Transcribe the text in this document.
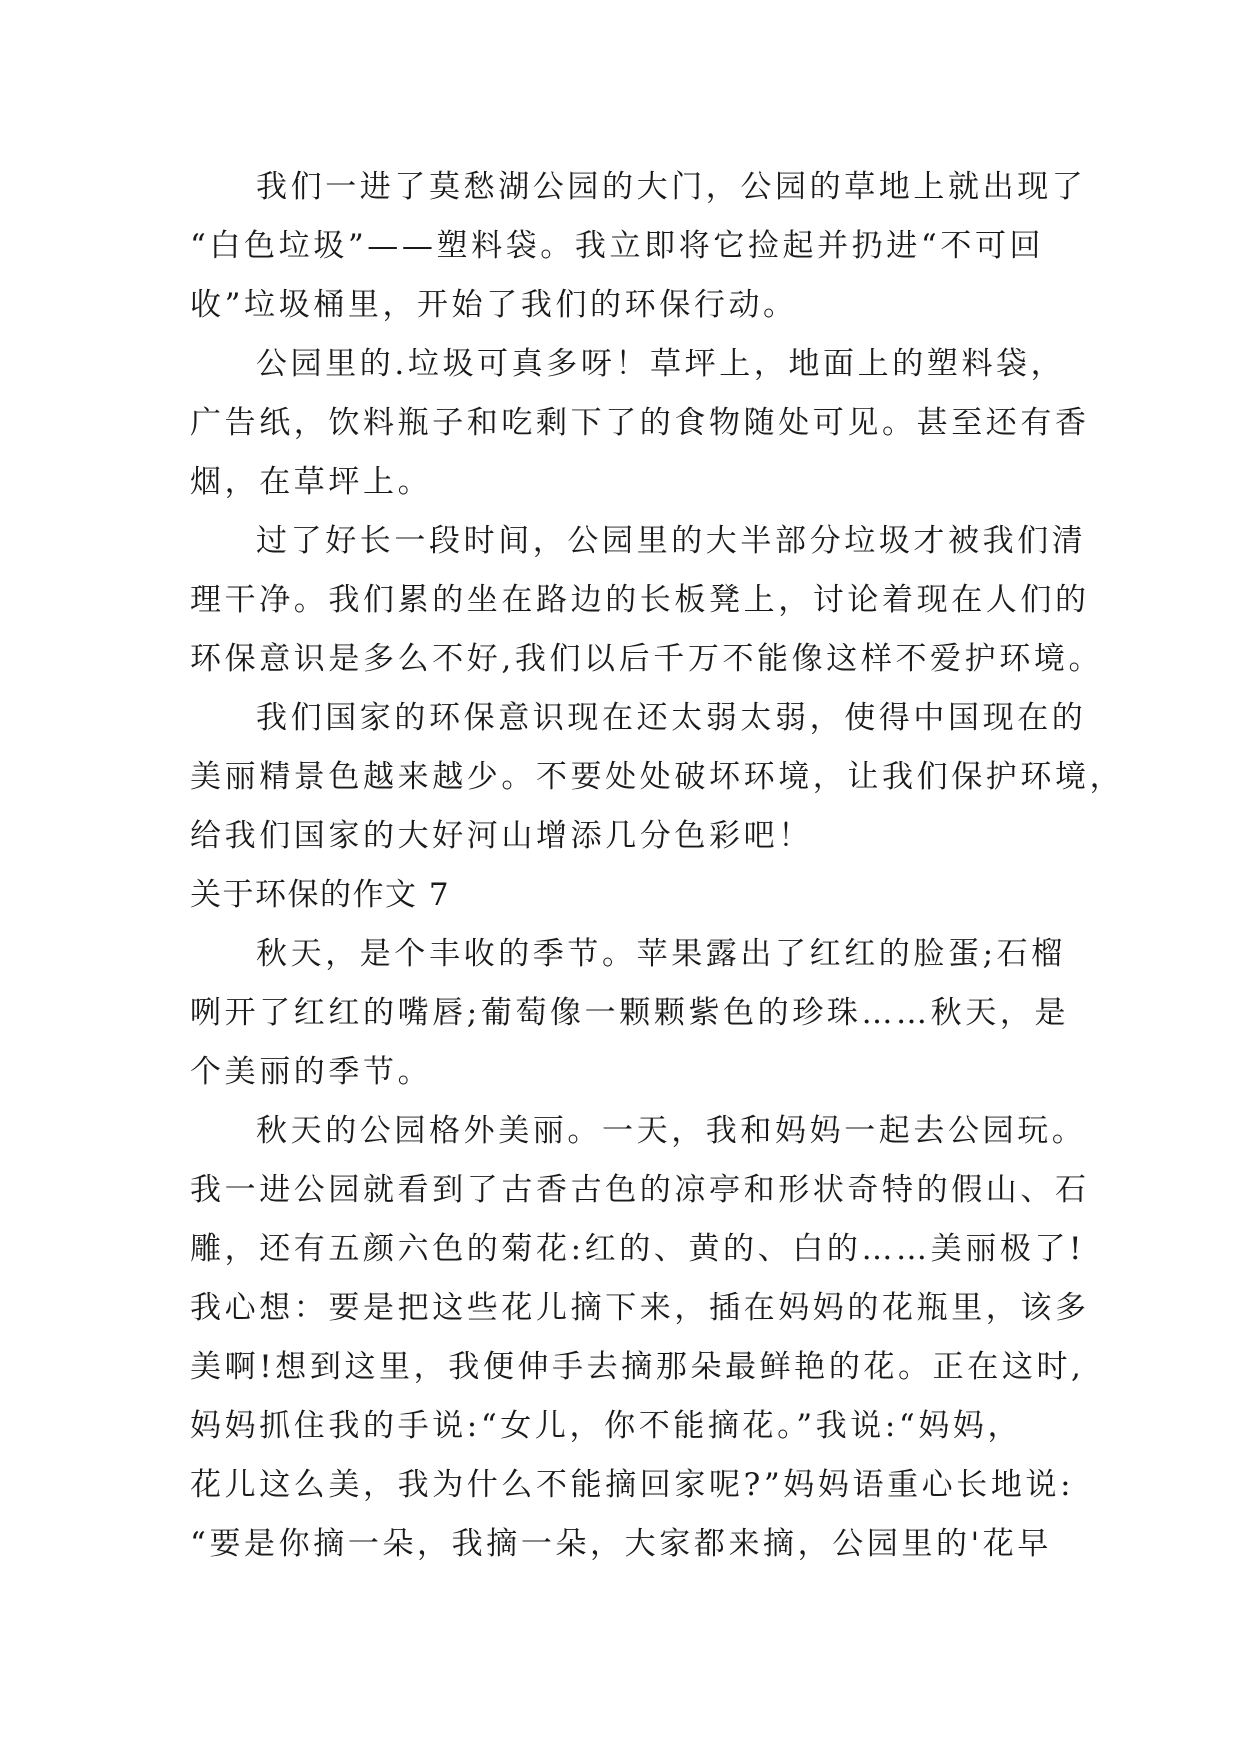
我们一进了莫愁湖公园的大门，公园的草地上就出现了
“白色垃圾”——塑料袋。我立即将它捡起并扔进“不可回
收”垃圾桶里，开始了我们的环保行动。
公园里的.垃圾可真多呀！草坪上，地面上的塑料袋，
广告纸，饮料瓶子和吃剩下了的食物随处可见。甚至还有香
烟，在草坪上。
过了好长一段时间，公园里的大半部分垃圾才被我们清
理干净。我们累的坐在路边的长板凳上，讨论着现在人们的
环保意识是多么不好,我们以后千万不能像这样不爱护环境。
我们国家的环保意识现在还太弱太弱，使得中国现在的
美丽精景色越来越少。不要处处破坏环境，让我们保护环境，
给我们国家的大好河山增添几分色彩吧！
关于环保的作文 7
秋天，是个丰收的季节。苹果露出了红红的脸蛋;石榴
咧开了红红的嘴唇;葡萄像一颗颗紫色的珍珠……秋天，是
个美丽的季节。
秋天的公园格外美丽。一天，我和妈妈一起去公园玩。
我一进公园就看到了古香古色的凉亭和形状奇特的假山、石
雕，还有五颜六色的菊花:红的、黄的、白的……美丽极了!
我心想：要是把这些花儿摘下来，插在妈妈的花瓶里，该多
美啊!想到这里，我便伸手去摘那朵最鲜艳的花。正在这时,
妈妈抓住我的手说:“女儿，你不能摘花。”我说:“妈妈，
花儿这么美，我为什么不能摘回家呢?”妈妈语重心长地说:
“要是你摘一朵，我摘一朵，大家都来摘，公园里的'花早
